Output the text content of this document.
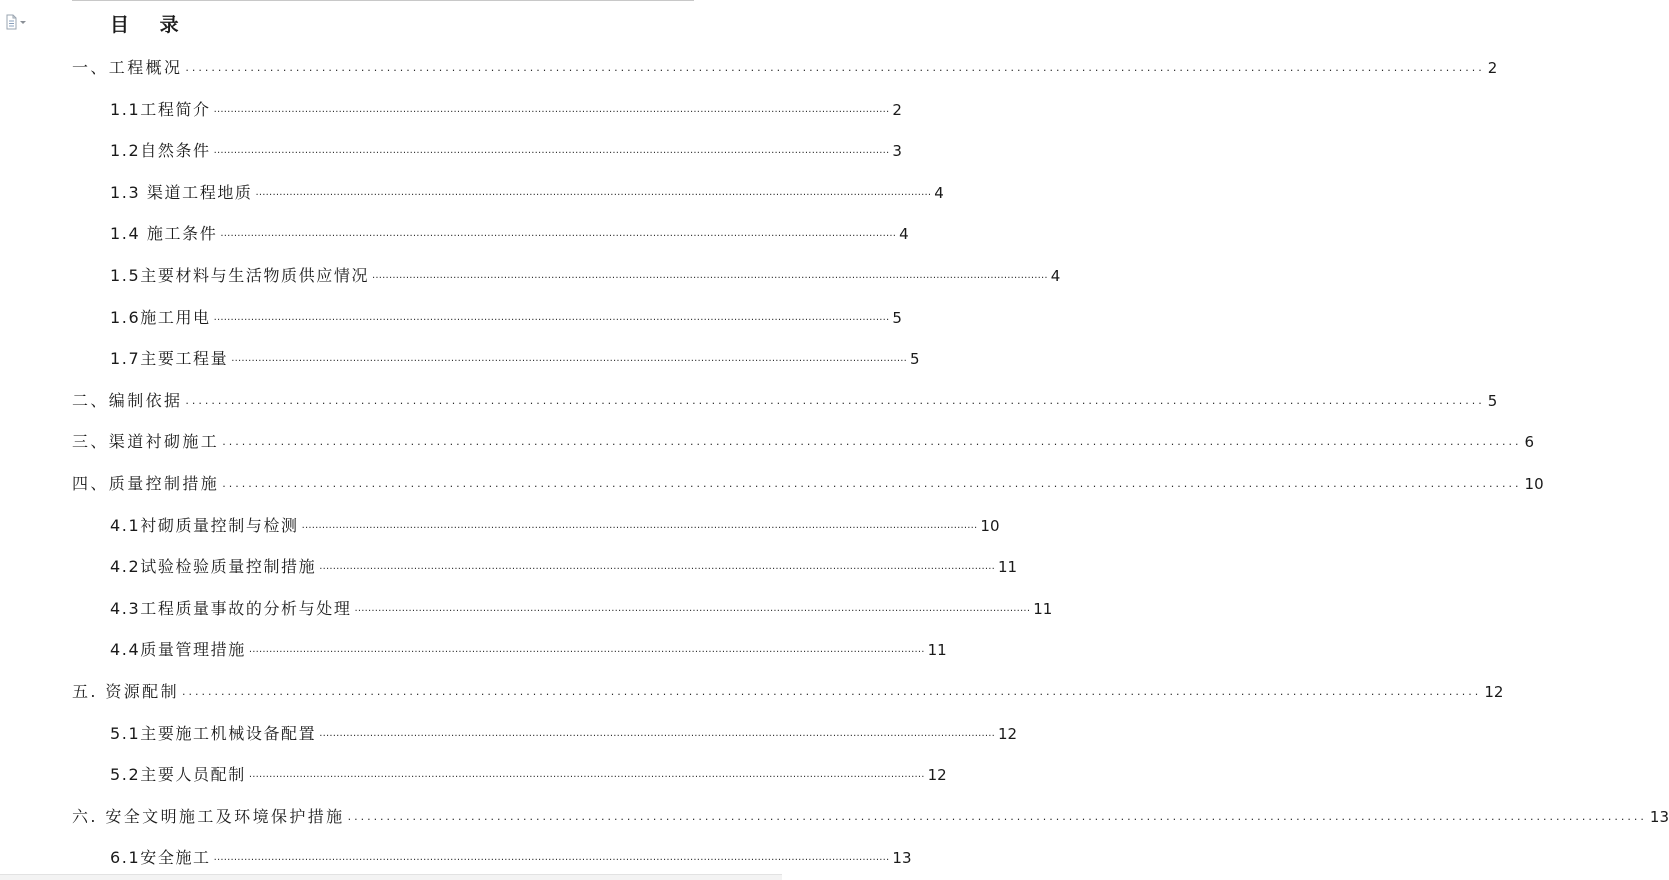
目 录
一、工程概况 ........................................................................................................................................................................................................ 2
1.1工程简介 ........................................................................................................................................................................................................ 2
1.2自然条件 ........................................................................................................................................................................................................ 3
1.3 渠道工程地质 ........................................................................................................................................................................................................ 4
1.4 施工条件 ........................................................................................................................................................................................................ 4
1.5主要材料与生活物质供应情况 ........................................................................................................................................................................................................ 4
1.6施工用电 ........................................................................................................................................................................................................ 5
1.7主要工程量 ........................................................................................................................................................................................................ 5
二、编制依据 ........................................................................................................................................................................................................ 5
三、渠道衬砌施工 ........................................................................................................................................................................................................ 6
四、质量控制措施 ........................................................................................................................................................................................................ 10
4.1衬砌质量控制与检测 ........................................................................................................................................................................................................ 10
4.2试验检验质量控制措施 ........................................................................................................................................................................................................ 11
4.3工程质量事故的分析与处理 ........................................................................................................................................................................................................ 11
4.4质量管理措施 ........................................................................................................................................................................................................ 11
五. 资源配制 ........................................................................................................................................................................................................ 12
5.1主要施工机械设备配置 ........................................................................................................................................................................................................ 12
5.2主要人员配制 ........................................................................................................................................................................................................ 12
六. 安全文明施工及环境保护措施 ........................................................................................................................................................................................................ 13
6.1安全施工 ........................................................................................................................................................................................................ 13
